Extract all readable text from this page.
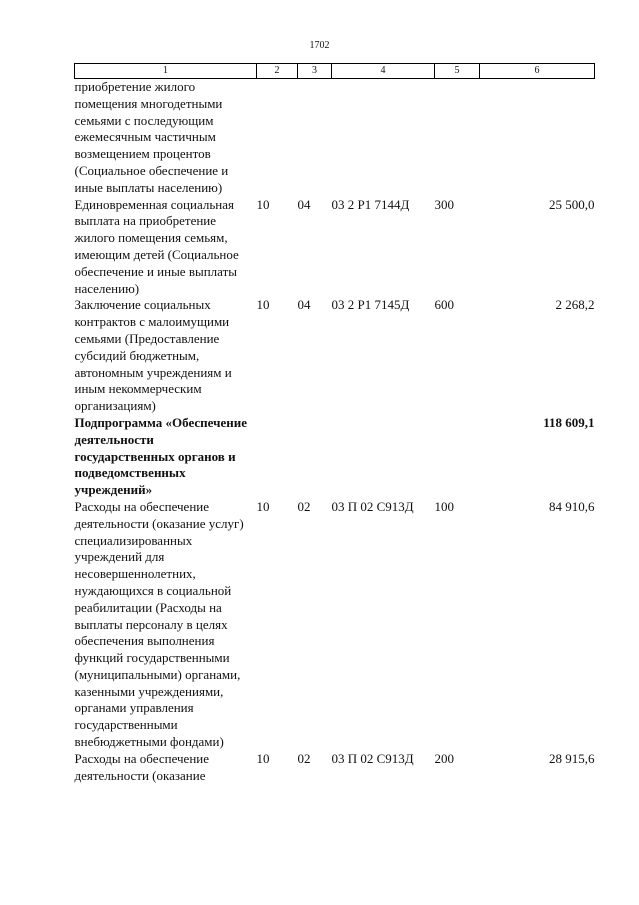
1702
1	2	3	4	5	6
приобретение жилого помещения многодетными семьями с последующим ежемесячным частичным возмещением процентов (Социальное обеспечение и иные выплаты населению)					
Единовременная социальная выплата на приобретение жилого помещения семьям, имеющим детей (Социальное обеспечение и иные выплаты населению)	10	04	03 2 P1 7144Д	300	25 500,0
Заключение социальных контрактов с малоимущими семьями (Предоставление субсидий бюджетным, автономным учреждениям и иным некоммерческим организациям)	10	04	03 2 P1 7145Д	600	2 268,2
Подпрограмма «Обеспечение деятельности государственных органов и подведомственных учреждений»					118 609,1
Расходы на обеспечение деятельности (оказание услуг) специализированных учреждений для несовершеннолетних, нуждающихся в социальной реабилитации (Расходы на выплаты персоналу в целях обеспечения выполнения функций государственными (муниципальными) органами, казенными учреждениями, органами управления государственными внебюджетными фондами)	10	02	03 П 02 С913Д	100	84 910,6
Расходы на обеспечение деятельности (оказание	10	02	03 П 02 С913Д	200	28 915,6
